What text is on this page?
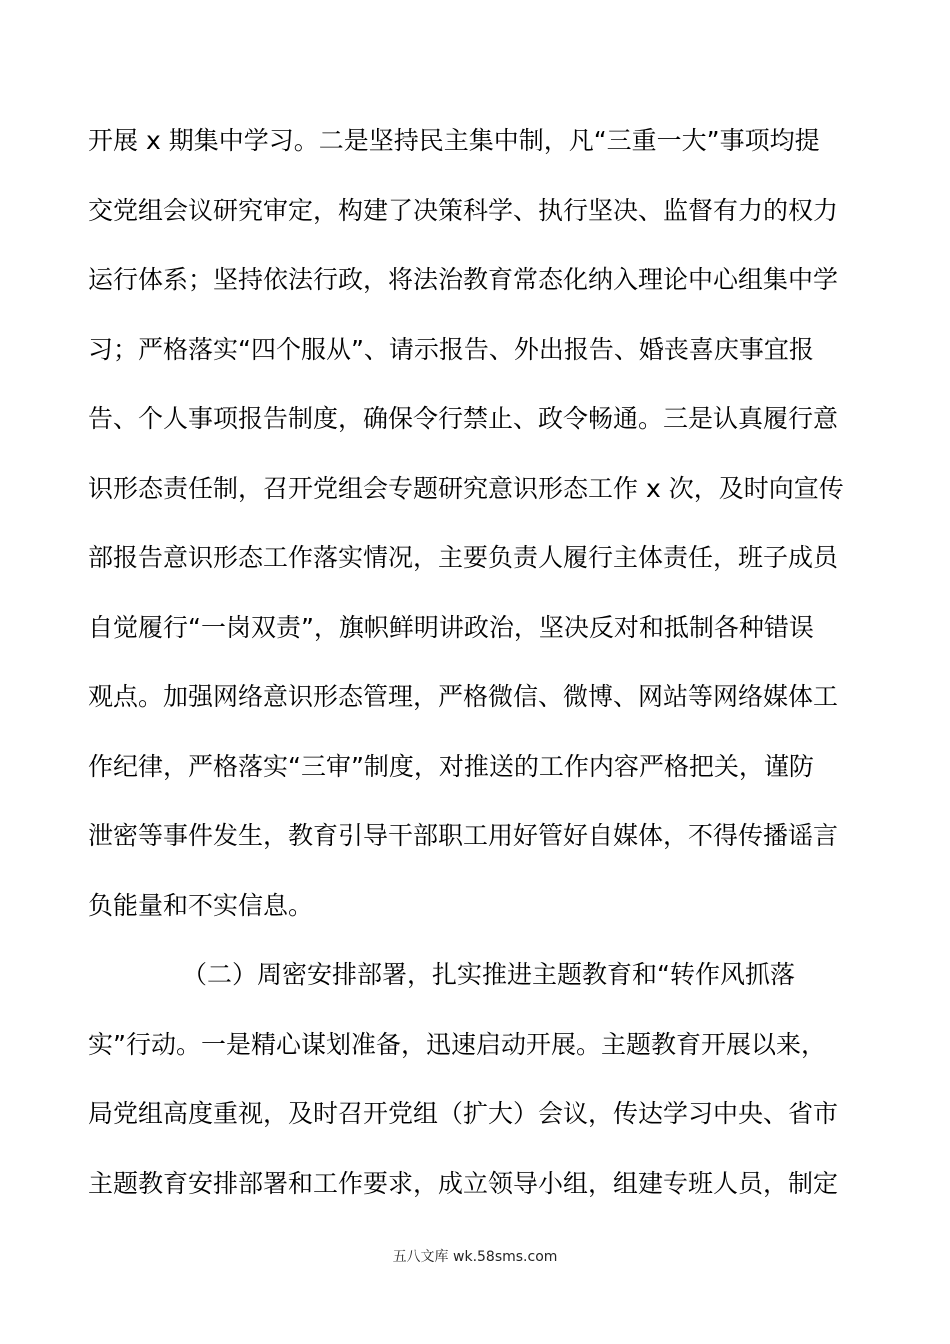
开展 x 期集中学习。二是坚持民主集中制，凡“三重一大”事项均提
交党组会议研究审定，构建了决策科学、执行坚决、监督有力的权力
运行体系；坚持依法行政，将法治教育常态化纳入理论中心组集中学
习；严格落实“四个服从”、请示报告、外出报告、婚丧喜庆事宜报
告、个人事项报告制度，确保令行禁止、政令畅通。三是认真履行意
识形态责任制，召开党组会专题研究意识形态工作 x 次，及时向宣传
部报告意识形态工作落实情况，主要负责人履行主体责任，班子成员
自觉履行“一岗双责”，旗帜鲜明讲政治，坚决反对和抵制各种错误
观点。加强网络意识形态管理，严格微信、微博、网站等网络媒体工
作纪律，严格落实“三审”制度，对推送的工作内容严格把关，谨防
泄密等事件发生，教育引导干部职工用好管好自媒体，不得传播谣言
负能量和不实信息。
（二）周密安排部署，扎实推进主题教育和“转作风抓落
实”行动。一是精心谋划准备，迅速启动开展。主题教育开展以来，
局党组高度重视，及时召开党组（扩大）会议，传达学习中央、省市
主题教育安排部署和工作要求，成立领导小组，组建专班人员，制定
五八文库 wk.58sms.com
